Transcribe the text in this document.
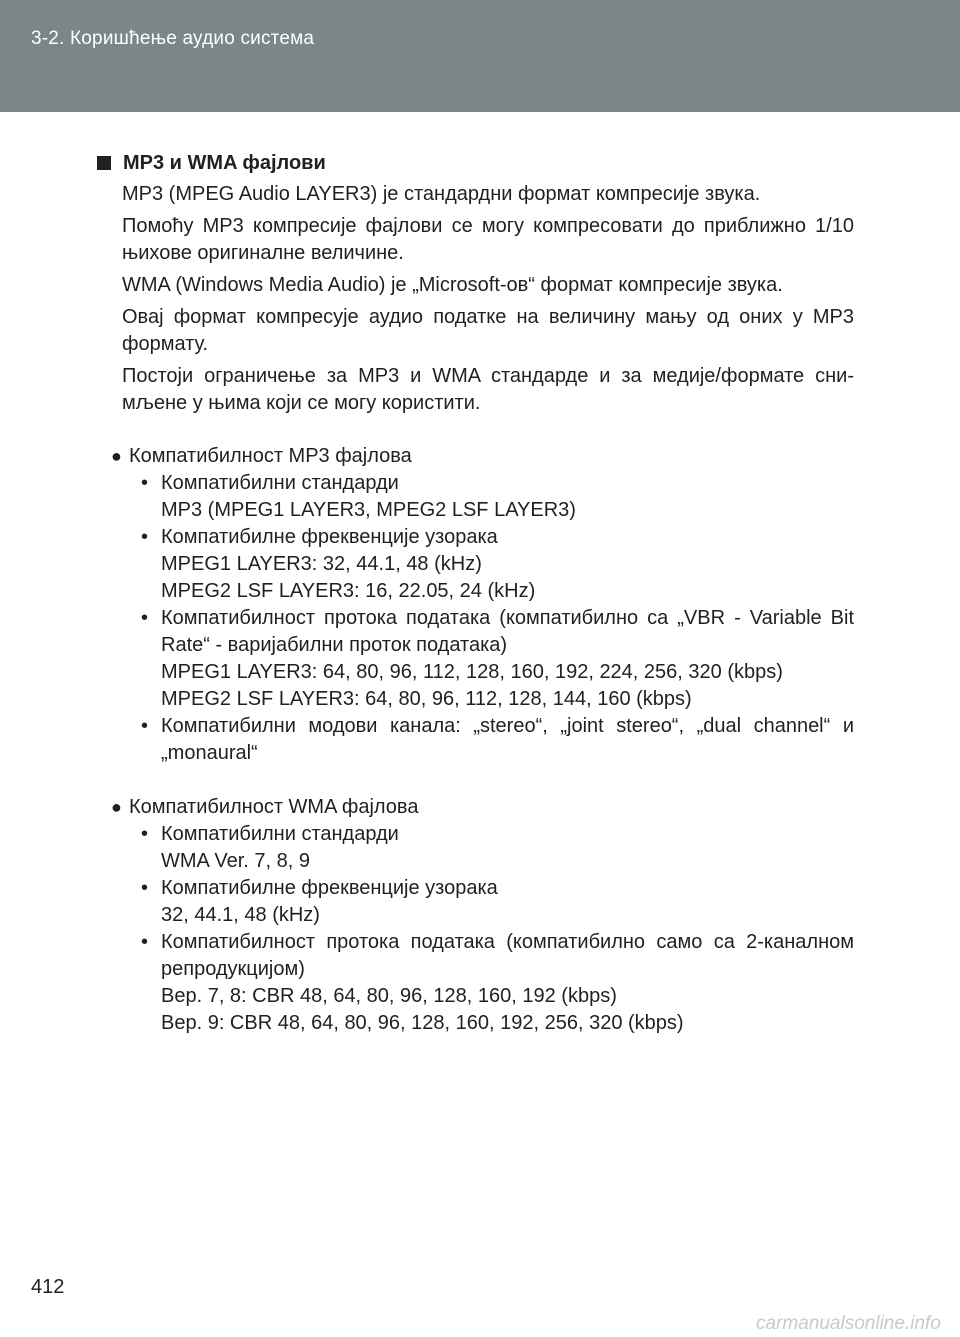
3-2. Коришћење аудио система
MP3 и WMA фајлови
MP3 (MPEG Audio LAYER3) је стандардни формат компресије звука.
Помоћу MP3 компресије фајлови се могу компресовати до приближно 1/10 њихове оригиналне величине.
WMA (Windows Media Audio) је „Microsoft-ов“ формат компресије звука.
Овај формат компресује аудио податке на величину мању од оних у MP3 формату.
Постоји ограничење за MP3 и WMA стандарде и за медије/формате сни-мљене у њима који се могу користити.
● Компатибилност MP3 фајлова
• Компатибилни стандарди
MP3 (MPEG1 LAYER3, MPEG2 LSF LAYER3)
• Компатибилне фреквенције узорака
MPEG1 LAYER3: 32, 44.1, 48 (kHz)
MPEG2 LSF LAYER3: 16, 22.05, 24 (kHz)
• Компатибилност протока података (компатибилно са „VBR - Variable Bit Rate“ - варијабилни проток података)
MPEG1 LAYER3: 64, 80, 96, 112, 128, 160, 192, 224, 256, 320 (kbps)
MPEG2 LSF LAYER3: 64, 80, 96, 112, 128, 144, 160 (kbps)
• Компатибилни модови канала: „stereo“, „joint stereo“, „dual channel“ и „monaural“
● Компатибилност WMA фајлова
• Компатибилни стандарди
WMA Ver. 7, 8, 9
• Компатибилне фреквенције узорака
32, 44.1, 48 (kHz)
• Компатибилност протока података (компатибилно само са 2-каналном репродукцијом)
Вер. 7, 8: CBR 48, 64, 80, 96, 128, 160, 192 (kbps)
Вер. 9: CBR 48, 64, 80, 96, 128, 160, 192, 256, 320 (kbps)
412
carmanualsonline.info
